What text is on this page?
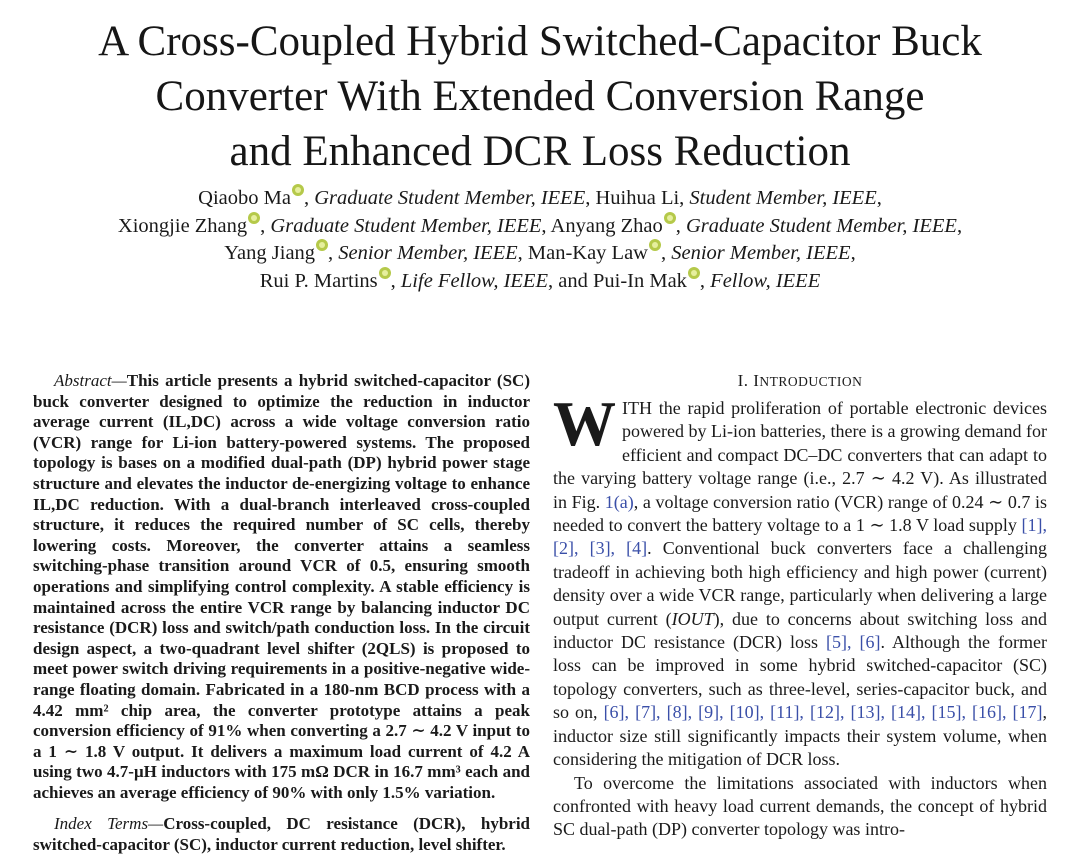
A Cross-Coupled Hybrid Switched-Capacitor Buck
Converter With Extended Conversion Range
and Enhanced DCR Loss Reduction
Qiaobo Ma , Graduate Student Member, IEEE, Huihua Li, Student Member, IEEE,
Xiongjie Zhang , Graduate Student Member, IEEE, Anyang Zhao , Graduate Student Member, IEEE,
Yang Jiang , Senior Member, IEEE, Man-Kay Law , Senior Member, IEEE,
Rui P. Martins , Life Fellow, IEEE, and Pui-In Mak , Fellow, IEEE

Abstract—This article presents a hybrid switched-capacitor (SC) buck converter designed to optimize the reduction in inductor average current (IL,DC) across a wide voltage conversion ratio (VCR) range for Li-ion battery-powered systems. The proposed topology is bases on a modified dual-path (DP) hybrid power stage structure and elevates the inductor de-energizing voltage to enhance IL,DC reduction. With a dual-branch interleaved cross-coupled structure, it reduces the required number of SC cells, thereby lowering costs. Moreover, the converter attains a seamless switching-phase transition around VCR of 0.5, ensuring smooth operations and simplifying control complexity. A stable efficiency is maintained across the entire VCR range by balancing inductor DC resistance (DCR) loss and switch/path conduction loss. In the circuit design aspect, a two-quadrant level shifter (2QLS) is proposed to meet power switch driving requirements in a positive-negative wide-range floating domain. Fabricated in a 180-nm BCD process with a 4.42 mm² chip area, the converter prototype attains a peak conversion efficiency of 91% when converting a 2.7 ∼ 4.2 V input to a 1 ∼ 1.8 V output. It delivers a maximum load current of 4.2 A using two 4.7-μH inductors with 175 mΩ DCR in 16.7 mm³ each and achieves an average efficiency of 90% with only 1.5% variation.

Index Terms—Cross-coupled, DC resistance (DCR), hybrid switched-capacitor (SC), inductor current reduction, level shifter.

I. INTRODUCTION

WITH the rapid proliferation of portable electronic devices powered by Li-ion batteries, there is a growing demand for efficient and compact DC–DC converters that can adapt to the varying battery voltage range (i.e., 2.7 ∼ 4.2 V). As illustrated in Fig. 1(a), a voltage conversion ratio (VCR) range of 0.24 ∼ 0.7 is needed to convert the battery voltage to a 1 ∼ 1.8 V load supply [1], [2], [3], [4]. Conventional buck converters face a challenging tradeoff in achieving both high efficiency and high power (current) density over a wide VCR range, particularly when delivering a large output current (IOUT), due to concerns about switching loss and inductor DC resistance (DCR) loss [5], [6]. Although the former loss can be improved in some hybrid switched-capacitor (SC) topology converters, such as three-level, series-capacitor buck, and so on, [6], [7], [8], [9], [10], [11], [12], [13], [14], [15], [16], [17], inductor size still significantly impacts their system volume, when considering the mitigation of DCR loss.

To overcome the limitations associated with inductors when confronted with heavy load current demands, the concept of hybrid SC dual-path (DP) converter topology was intro-
